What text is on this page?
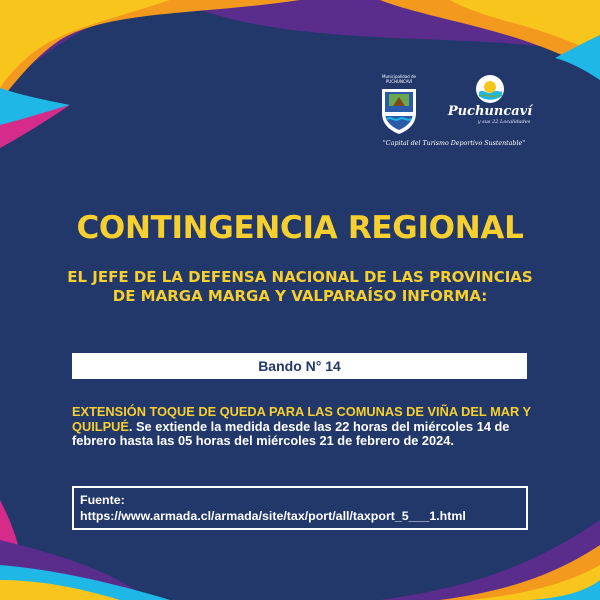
Municipalidad de
PUCHUNCAVÍ
Puchuncaví
y sus 22 Localidades
"Capital del Turismo Deportivo Sustentable"
CONTINGENCIA REGIONAL
EL JEFE DE LA DEFENSA NACIONAL DE LAS PROVINCIAS DE MARGA MARGA Y VALPARAÍSO INFORMA:
Bando N° 14
EXTENSIÓN TOQUE DE QUEDA PARA LAS COMUNAS DE VIÑA DEL MAR Y QUILPUÉ. Se extiende la medida desde las 22 horas del miércoles 14 de febrero hasta las 05 horas del miércoles 21 de febrero de 2024.
Fuente:
https://www.armada.cl/armada/site/tax/port/all/taxport_5___1.html
